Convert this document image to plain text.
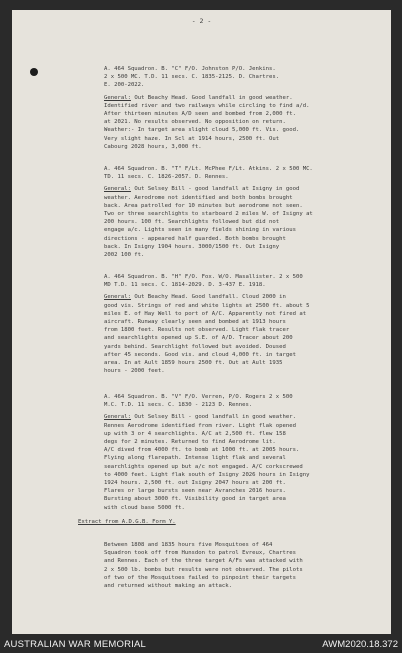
- 2 -
A. 464 Squadron. B. "C" F/O. Johnston P/O. Jenkins.
2 x 500 MC. T.D. 11 secs. C. 1835-2125. D. Chartres.
E. 200-2022.
General: Out Beachy Head. Good landfall in good weather.
Identified river and two railways while circling to find a/d.
After thirteen minutes A/D seen and bombed from 2,000 ft.
at 2021. No results observed. No opposition on return.
Weather:- In target area slight cloud 5,000 ft. Vis. good.
Very slight haze. In Scl at 1914 hours, 2500 ft. Out
Cabourg 2028 hours, 3,000 ft.
A. 464 Squadron. B. "T" F/Lt. McPhee F/Lt. Atkins. 2 x 500 MC.
TD. 11 secs. C. 1826-2057. D. Rennes.
General: Out Selsey Bill - good landfall at Isigny in good
weather. Aerodrome not identified and both bombs brought
back. Area patrolled for 10 minutes but aerodrome not seen.
Two or three searchlights to starboard 2 miles W. of Isigny at
200 hours. 100 ft. Searchlights followed but did not
engage a/c. Lights seen in many fields shining in various
directions - appeared half guarded. Both bombs brought
back. In Isigny 1904 hours. 3000/1500 ft. Out Isigny
2002 100 ft.
A. 464 Squadron. B. "H" F/O. Fox. W/O. Masallister. 2 x 500
MD T.D. 11 secs. C. 1814-2029. D. 3-437 E. 1918.
General: Out Beachy Head. Good landfall. Cloud 2000 in
good vis. Strings of red and white lights at 2500 ft. about 5
miles E. of Hay Well to port of A/C. Apparently not fired at
aircraft. Runway clearly seen and bombed at 1913 hours
from 1800 feet. Results not observed. Light flak tracer
and searchlights opened up S.E. of A/D. Tracer about 200
yards behind. Searchlight followed but avoided. Doused
after 45 seconds. Good vis. and cloud 4,000 ft. in target
area. In at Ault 1859 hours 2500 ft. Out at Ault 1935
hours - 2000 feet.
A. 464 Squadron. B. "V" F/O. Verren, P/O. Rogers 2 x 500
M.C. T.D. 11 secs. C. 1830 - 2123 D. Rennes.
General: Out Selsey Bill - good landfall in good weather.
Rennes Aerodrome identified from river. Light flak opened
up with 3 or 4 searchlights. A/C at 2,500 ft. flew 158
degs for 2 minutes. Returned to find Aerodrome lit.
A/C dived from 4000 ft. to bomb at 1000 ft. at 2005 hours.
Flying along flarepath. Intense light flak and several
searchlights opened up but a/c not engaged. A/C corkscrewed
to 4000 feet. Light flak south of Isigny 2026 hours in Isigny
1924 hours. 2,500 ft. out Isigny 2047 hours at 200 ft.
Flares or large bursts seen near Avranches 2016 hours.
Bursting about 3000 ft. Visibility good in target area
with cloud base 5000 ft.
Extract from A.D.G.B. Form Y.
Between 1808 and 1835 hours five Mosquitoes of 464
Squadron took off from Hunsdon to patrol Evreux, Chartres
and Rennes. Each of the three target A/Fs was attacked with
2 x 500 lb. bombs but results were not observed. The pilots
of two of the Mosquitoes failed to pinpoint their targets
and returned without making an attack.
AUSTRALIAN WAR MEMORIAL	AWM2020.18.372
